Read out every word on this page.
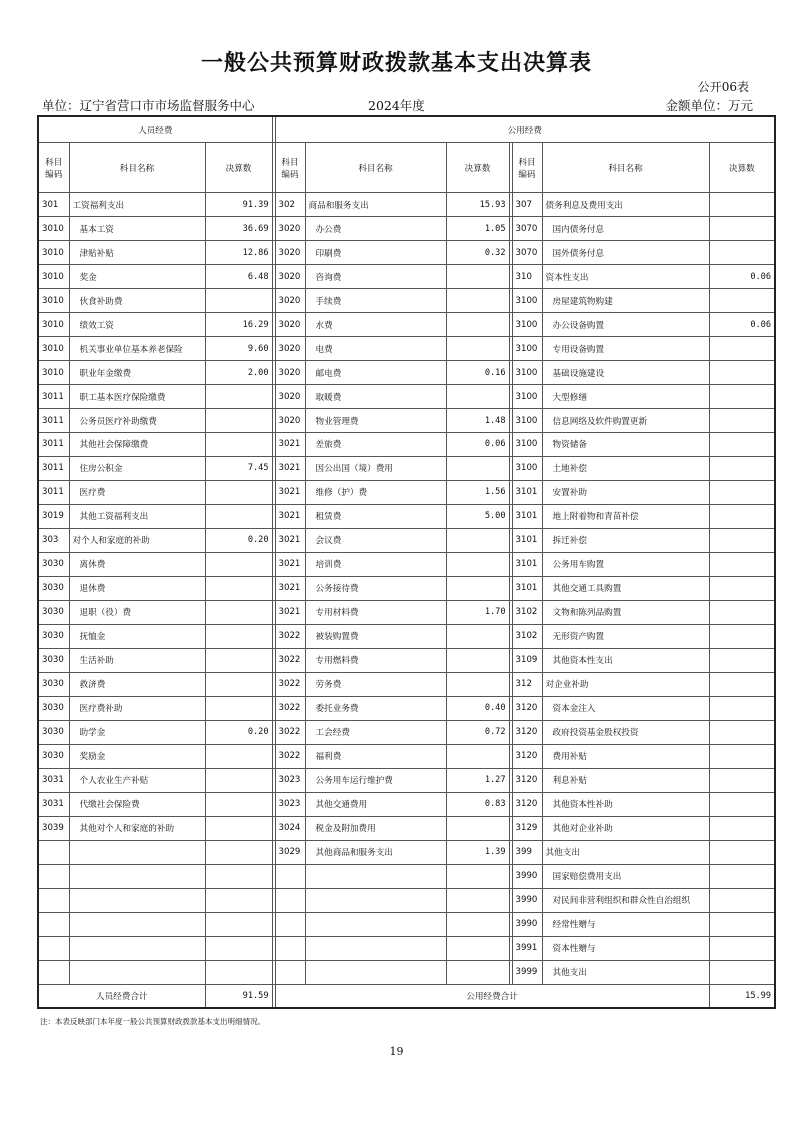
一般公共预算财政拨款基本支出决算表
公开06表
单位：辽宁省营口市市场监督服务中心	2024年度	金额单位：万元
人员经费				公用经费						
科目
编码	科目名称	决算数		科目
编码	科目名称	决算数		科目
编码	科目名称	决算数
301	工资福利支出	91.39		302	商品和服务支出	15.93		307	债务利息及费用支出	
3010	基本工资	36.69		3020	办公费	1.05		3070	国内债务付息	
3010	津贴补贴	12.86		3020	印刷费	0.32		3070	国外债务付息	
3010	奖金	6.48		3020	咨询费			310	资本性支出	0.06
3010	伙食补助费			3020	手续费			3100	房屋建筑物购建	
3010	绩效工资	16.29		3020	水费			3100	办公设备购置	0.06
3010	机关事业单位基本养老保险	9.60		3020	电费			3100	专用设备购置	
3010	职业年金缴费	2.00		3020	邮电费	0.16		3100	基础设施建设	
3011	职工基本医疗保险缴费			3020	取暖费			3100	大型修缮	
3011	公务员医疗补助缴费			3020	物业管理费	1.48		3100	信息网络及软件购置更新	
3011	其他社会保障缴费			3021	差旅费	0.06		3100	物资储备	
3011	住房公积金	7.45		3021	因公出国（境）费用			3100	土地补偿	
3011	医疗费			3021	维修（护）费	1.56		3101	安置补助	
3019	其他工资福利支出			3021	租赁费	5.00		3101	地上附着物和青苗补偿	
303	对个人和家庭的补助	0.20		3021	会议费			3101	拆迁补偿	
3030	离休费			3021	培训费			3101	公务用车购置	
3030	退休费			3021	公务接待费			3101	其他交通工具购置	
3030	退职（役）费			3021	专用材料费	1.70		3102	文物和陈列品购置	
3030	抚恤金			3022	被装购置费			3102	无形资产购置	
3030	生活补助			3022	专用燃料费			3109	其他资本性支出	
3030	救济费			3022	劳务费			312	对企业补助	
3030	医疗费补助			3022	委托业务费	0.40		3120	资本金注入	
3030	助学金	0.20		3022	工会经费	0.72		3120	政府投资基金股权投资	
3030	奖励金			3022	福利费			3120	费用补贴	
3031	个人农业生产补贴			3023	公务用车运行维护费	1.27		3120	利息补贴	
3031	代缴社会保险费			3023	其他交通费用	0.83		3120	其他资本性补助	
3039	其他对个人和家庭的补助			3024	税金及附加费用			3129	其他对企业补助	
				3029	其他商品和服务支出	1.39		399	其他支出	
								3990	国家赔偿费用支出	
								3990	对民间非营利组织和群众性自治组织	
								3990	经常性赠与	
								3991	资本性赠与	
								3999	其他支出	
人员经费合计		91.59		公用经费合计						15.99
注：本表反映部门本年度一般公共预算财政拨款基本支出明细情况。
19
